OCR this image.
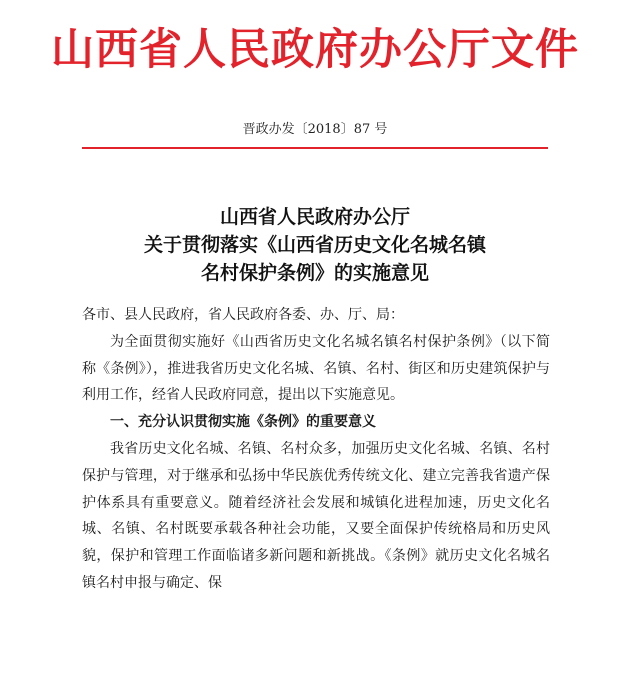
山西省人民政府办公厅文件
晋政办发〔2018〕87 号
山西省人民政府办公厅
关于贯彻落实《山西省历史文化名城名镇
名村保护条例》的实施意见

各市、县人民政府，省人民政府各委、办、厅、局：

为全面贯彻实施好《山西省历史文化名城名镇名村保护条例》（以下简称《条例》），推进我省历史文化名城、名镇、名村、街区和历史建筑保护与利用工作，经省人民政府同意，提出以下实施意见。

一、充分认识贯彻实施《条例》的重要意义

我省历史文化名城、名镇、名村众多，加强历史文化名城、名镇、名村保护与管理，对于继承和弘扬中华民族优秀传统文化、建立完善我省遗产保护体系具有重要意义。随着经济社会发展和城镇化进程加速，历史文化名城、名镇、名村既要承载各种社会功能，又要全面保护传统格局和历史风貌，保护和管理工作面临诸多新问题和新挑战。《条例》就历史文化名城名镇名村申报与确定、保
